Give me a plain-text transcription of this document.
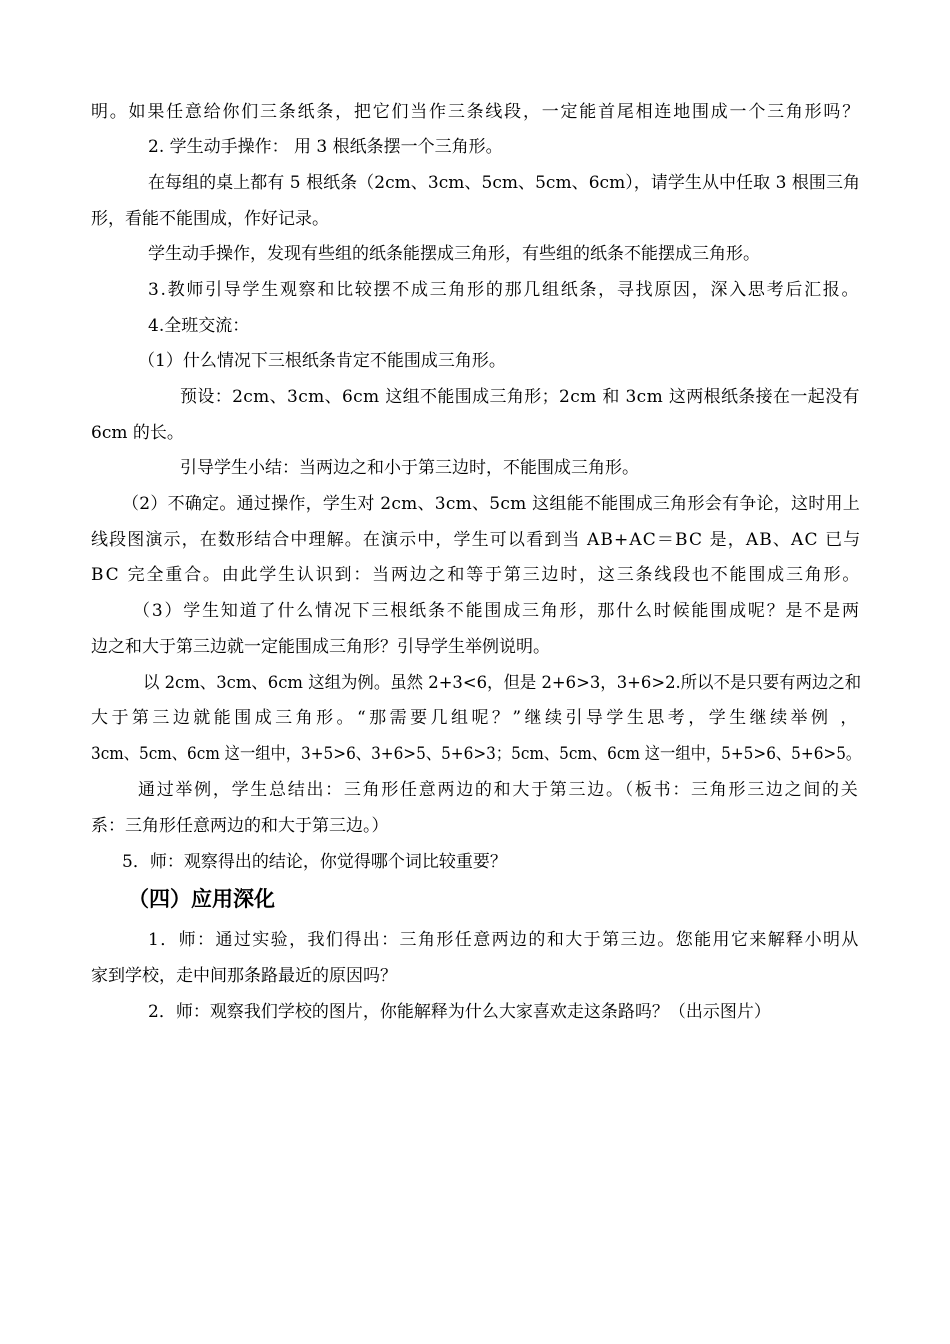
明。如果任意给你们三条纸条，把它们当作三条线段，一定能首尾相连地围成一个三角形吗？
2. 学生动手操作： 用 3 根纸条摆一个三角形。
在每组的桌上都有 5 根纸条（2cm、3cm、5cm、5cm、6cm），请学生从中任取 3 根围三角
形，看能不能围成，作好记录。
学生动手操作，发现有些组的纸条能摆成三角形，有些组的纸条不能摆成三角形。
3.教师引导学生观察和比较摆不成三角形的那几组纸条，寻找原因，深入思考后汇报。
4.全班交流：
（1）什么情况下三根纸条肯定不能围成三角形。
预设：2cm、3cm、6cm 这组不能围成三角形；2cm 和 3cm 这两根纸条接在一起没有
6cm 的长。
引导学生小结：当两边之和小于第三边时，不能围成三角形。
（2）不确定。通过操作，学生对 2cm、3cm、5cm 这组能不能围成三角形会有争论，这时用上
线段图演示，在数形结合中理解。在演示中，学生可以看到当 AB+AC＝BC 是，AB、AC 已与
BC 完全重合。由此学生认识到：当两边之和等于第三边时，这三条线段也不能围成三角形。
（3）学生知道了什么情况下三根纸条不能围成三角形，那什么时候能围成呢？是不是两
边之和大于第三边就一定能围成三角形？引导学生举例说明。
以 2cm、3cm、6cm 这组为例。虽然 2+3<6，但是 2+6>3，3+6>2.所以不是只要有两边之和
大于第三边就能围成三角形。“那需要几组呢？”继续引导学生思考，学生继续举例 ，
3cm、5cm、6cm 这一组中，3+5>6、3+6>5、5+6>3；5cm、5cm、6cm 这一组中，5+5>6、5+6>5。
通过举例，学生总结出：三角形任意两边的和大于第三边。（板书：三角形三边之间的关
系：三角形任意两边的和大于第三边。）
5．师：观察得出的结论，你觉得哪个词比较重要？
（四）应用深化
1．师：通过实验，我们得出：三角形任意两边的和大于第三边。您能用它来解释小明从
家到学校，走中间那条路最近的原因吗？
2．师：观察我们学校的图片，你能解释为什么大家喜欢走这条路吗？（出示图片）
